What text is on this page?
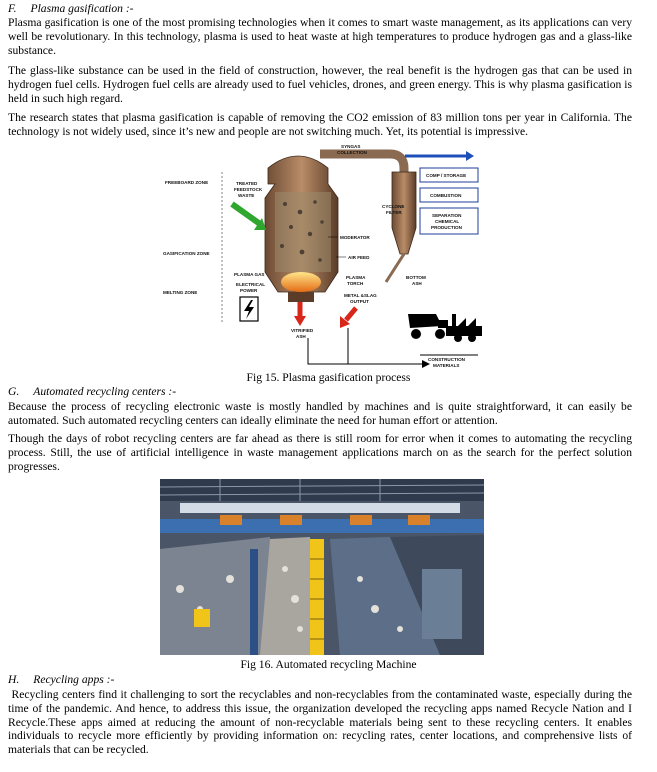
F. Plasma gasification :-
Plasma gasification is one of the most promising technologies when it comes to smart waste management, as its applications can very well be revolutionary. In this technology, plasma is used to heat waste at high temperatures to produce hydrogen gas and a glass-like substance.
The glass-like substance can be used in the field of construction, however, the real benefit is the hydrogen gas that can be used in hydrogen fuel cells. Hydrogen fuel cells are already used to fuel vehicles, drones, and green energy. This is why plasma gasification is held in such high regard.
The research states that plasma gasification is capable of removing the CO2 emission of 83 million tons per year in California. The technology is not widely used, since it’s new and people are not switching much. Yet, its potential is impressive.
FREEBOARD ZONE
GASIFICATION ZONE
MELTING ZONE
SYNGAS
COLLECTION
CYCLONE
FILTER
COMP / STORAGE
COMBUSTION
SEPARATION
CHEMICAL
PRODUCTION
TREATED
FEEDSTOCK
WASTE
MODERATOR
AIR FEED
PLASMA GAS
ELECTRICAL
POWER
PLASMA
TORCH
METAL &SLAG
OUTPUT
BOTTOM
ASH
VITRIFIED
ASH
CONSTRUCTION
MATERIALS
Fig 15. Plasma gasification process
G. Automated recycling centers :-
Because the process of recycling electronic waste is mostly handled by machines and is quite straightforward, it can easily be automated. Such automated recycling centers can ideally eliminate the need for human effort or attention.
Though the days of robot recycling centers are far ahead as there is still room for error when it comes to automating the recycling process. Still, the use of artificial intelligence in waste management applications march on as the search for the perfect solution progresses.
Fig 16. Automated recycling Machine
H. Recycling apps :-
Recycling centers find it challenging to sort the recyclables and non-recyclables from the contaminated waste, especially during the time of the pandemic. And hence, to address this issue, the organization developed the recycling apps named Recycle Nation and I Recycle.These apps aimed at reducing the amount of non-recyclable materials being sent to these recycling centers. It enables individuals to recycle more efficiently by providing information on: recycling rates, center locations, and comprehensive lists of materials that can be recycled.
